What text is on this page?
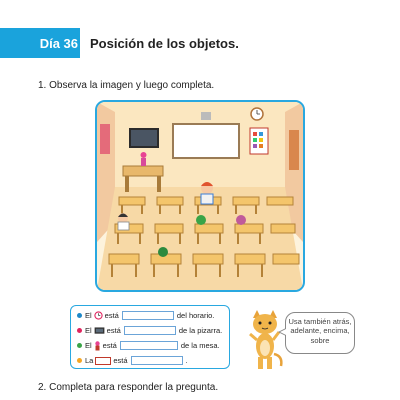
Día 36 Posición de los objetos.
1. Observa la imagen y luego completa.
El está	del horario.
El está	de la pizarra.
El está	de la mesa.
La	está	.
Usa también atrás, adelante, encima, sobre
2. Completa para responder la pregunta.
